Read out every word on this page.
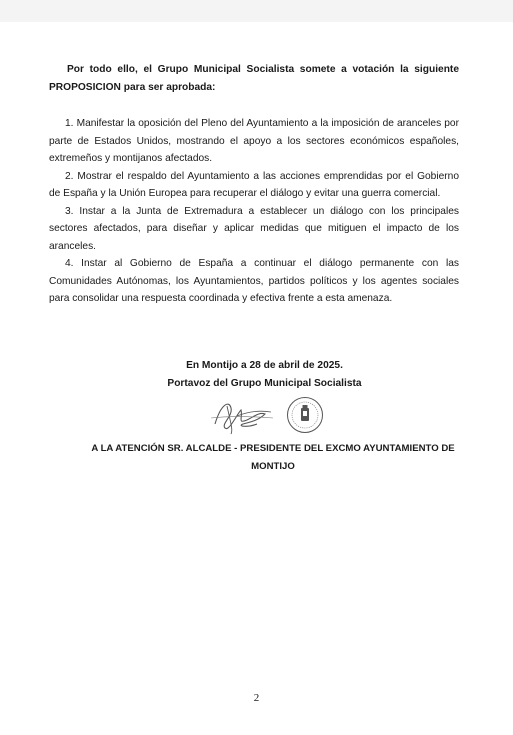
Por todo ello, el Grupo Municipal Socialista somete a votación la siguiente PROPOSICION para ser aprobada:

1. Manifestar la oposición del Pleno del Ayuntamiento a la imposición de aranceles por parte de Estados Unidos, mostrando el apoyo a los sectores económicos españoles, extremeños y montijanos afectados.

2. Mostrar el respaldo del Ayuntamiento a las acciones emprendidas por el Gobierno de España y la Unión Europea para recuperar el diálogo y evitar una guerra comercial.

3. Instar a la Junta de Extremadura a establecer un diálogo con los principales sectores afectados, para diseñar y aplicar medidas que mitiguen el impacto de los aranceles.

4. Instar al Gobierno de España a continuar el diálogo permanente con las Comunidades Autónomas, los Ayuntamientos, partidos políticos y los agentes sociales para consolidar una respuesta coordinada y efectiva frente a esta amenaza.

En Montijo a 28 de abril de 2025.
Portavoz del Grupo Municipal Socialista
A LA ATENCIÓN SR. ALCALDE - PRESIDENTE DEL EXCMO AYUNTAMIENTO DE MONTIJO
2
